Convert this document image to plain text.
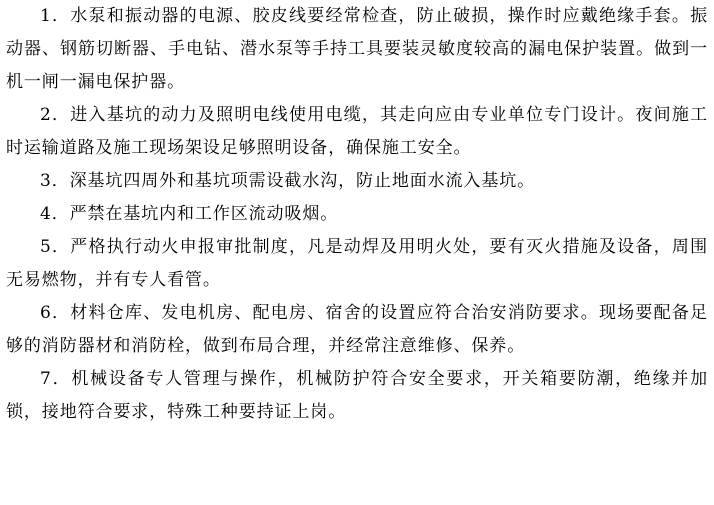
1．水泵和振动器的电源、胶皮线要经常检查，防止破损，操作时应戴绝缘手套。振动器、钢筋切断器、手电钻、潜水泵等手持工具要装灵敏度较高的漏电保护装置。做到一机一闸一漏电保护器。

2．进入基坑的动力及照明电线使用电缆，其走向应由专业单位专门设计。夜间施工时运输道路及施工现场架设足够照明设备，确保施工安全。

3．深基坑四周外和基坑项需设截水沟，防止地面水流入基坑。

4．严禁在基坑内和工作区流动吸烟。

5．严格执行动火申报审批制度，凡是动焊及用明火处，要有灭火措施及设备，周围无易燃物，并有专人看管。

6．材料仓库、发电机房、配电房、宿舍的设置应符合治安消防要求。现场要配备足够的消防器材和消防栓，做到布局合理，并经常注意维修、保养。

7．机械设备专人管理与操作，机械防护符合安全要求，开关箱要防潮，绝缘并加锁，接地符合要求，特殊工种要持证上岗。
